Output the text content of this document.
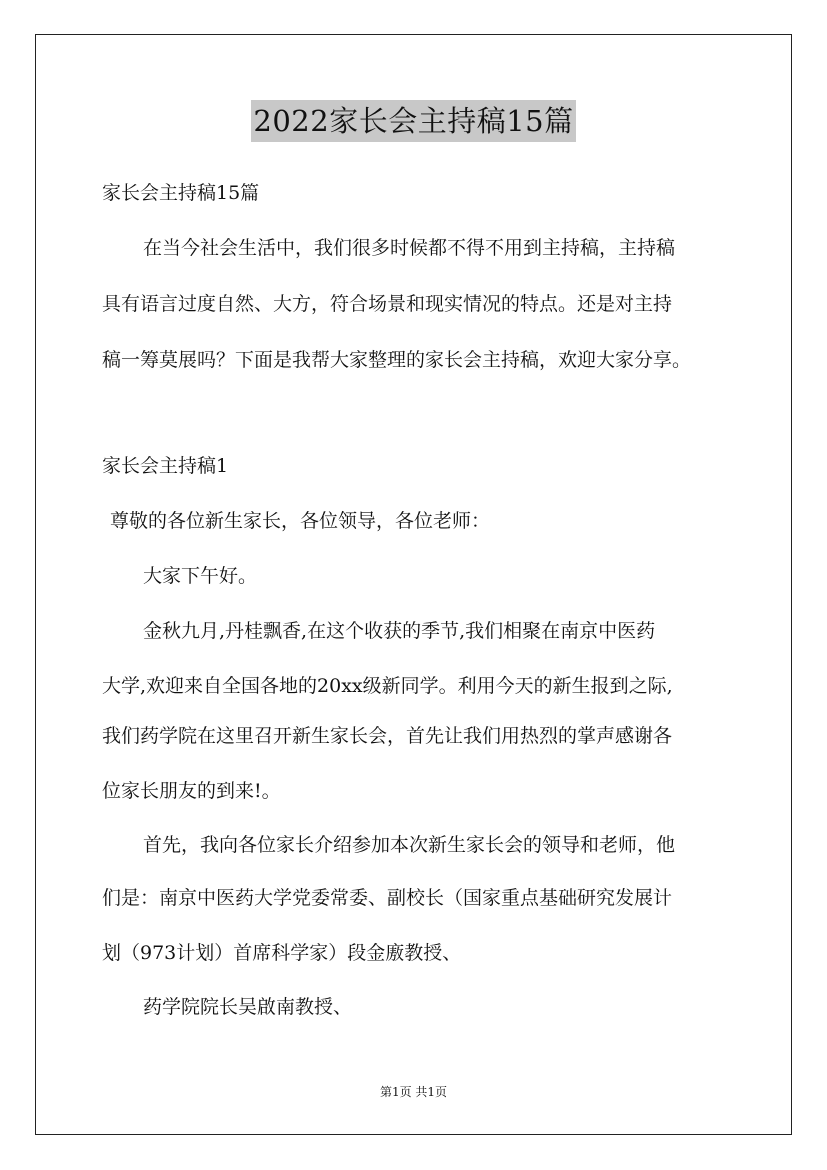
2022家长会主持稿15篇
家长会主持稿15篇
在当今社会生活中，我们很多时候都不得不用到主持稿，主持稿
具有语言过度自然、大方，符合场景和现实情况的特点。还是对主持
稿一筹莫展吗？下面是我帮大家整理的家长会主持稿，欢迎大家分享。
家长会主持稿1
尊敬的各位新生家长，各位领导，各位老师：
大家下午好。
金秋九月,丹桂飘香,在这个收获的季节,我们相聚在南京中医药
大学,欢迎来自全国各地的20xx级新同学。利用今天的新生报到之际,
我们药学院在这里召开新生家长会，首先让我们用热烈的掌声感谢各
位家长朋友的到来!。
首先，我向各位家长介绍参加本次新生家长会的领导和老师，他
们是：南京中医药大学党委常委、副校长（国家重点基础研究发展计
划（973计划）首席科学家）段金廒教授、
药学院院长吴啟南教授、
第1页 共1页
